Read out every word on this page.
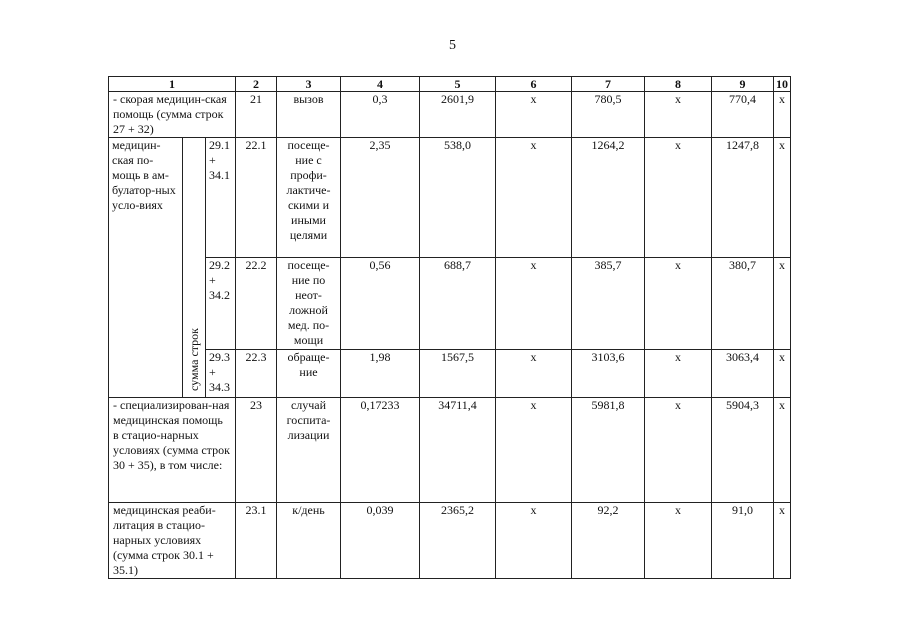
5
1			2	3	4	5	6	7	8	9	10
- скорая медицин-ская помощь (сумма строк 27 + 32)			21	вызов	0,3	2601,9	х	780,5	х	770,4	х
медицин-ская по-мощь в ам-булатор-ных усло-виях	сумма строк	29.1 + 34.1	22.1	посеще-ние с профи-лактиче-скими и иными целями	2,35	538,0	х	1264,2	х	1247,8	х
		29.2 + 34.2	22.2	посеще-ние по неот-ложной мед. по-мощи	0,56	688,7	х	385,7	х	380,7	х
		29.3 + 34.3	22.3	обраще-ние	1,98	1567,5	х	3103,6	х	3063,4	х
- специализирован-ная медицинская помощь в стацио-нарных условиях (сумма строк 30 + 35), в том числе:			23	случай госпита-лизации	0,17233	34711,4	х	5981,8	х	5904,3	х
медицинская реаби-литация в стацио-нарных условиях (сумма строк 30.1 + 35.1)			23.1	к/день	0,039	2365,2	х	92,2	х	91,0	х
